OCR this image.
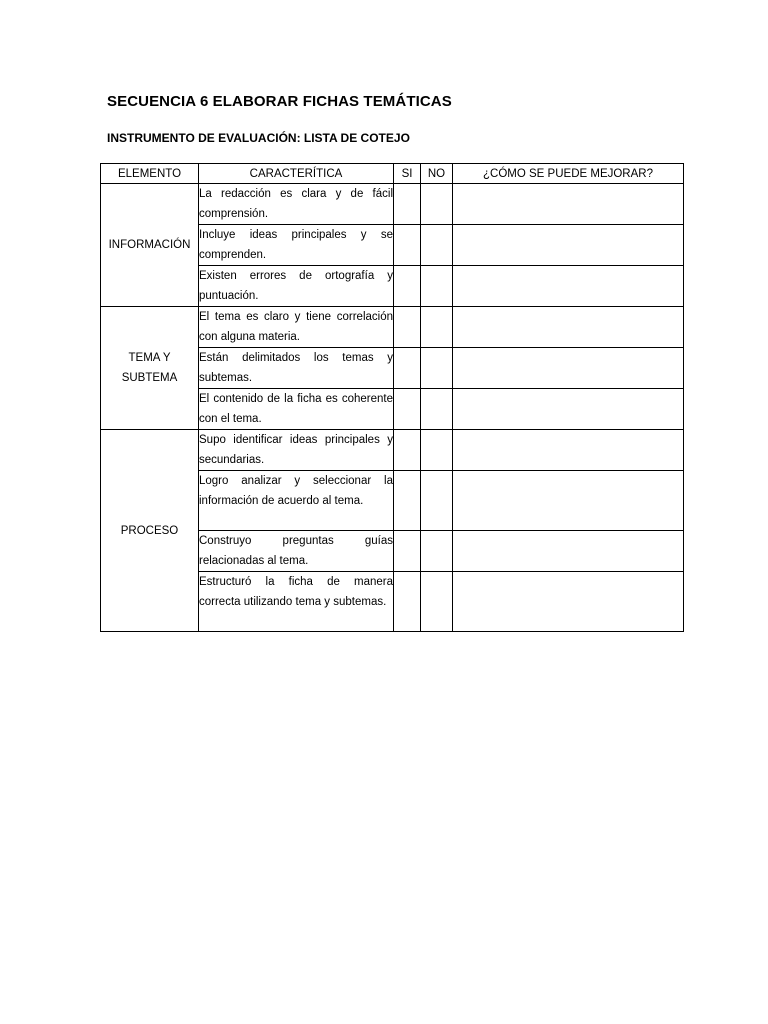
SECUENCIA 6 ELABORAR FICHAS TEMÁTICAS
INSTRUMENTO DE EVALUACIÓN: LISTA DE COTEJO
ELEMENTO	CARACTERÍTICA	SI	NO	¿CÓMO SE PUEDE MEJORAR?
INFORMACIÓN	La redacción es clara y de fácil comprensión.			
	Incluye ideas principales y se comprenden.			
	Existen errores de ortografía y puntuación.			
TEMA Y SUBTEMA	El tema es claro y tiene correlación con alguna materia.			
	Están delimitados los temas y subtemas.			
	El contenido de la ficha es coherente con el tema.			
PROCESO	Supo identificar ideas principales y secundarias.			
	Logro analizar y seleccionar la información de acuerdo al tema.			
	Construyo preguntas guías relacionadas al tema.			
	Estructuró la ficha de manera correcta utilizando tema y subtemas.			
